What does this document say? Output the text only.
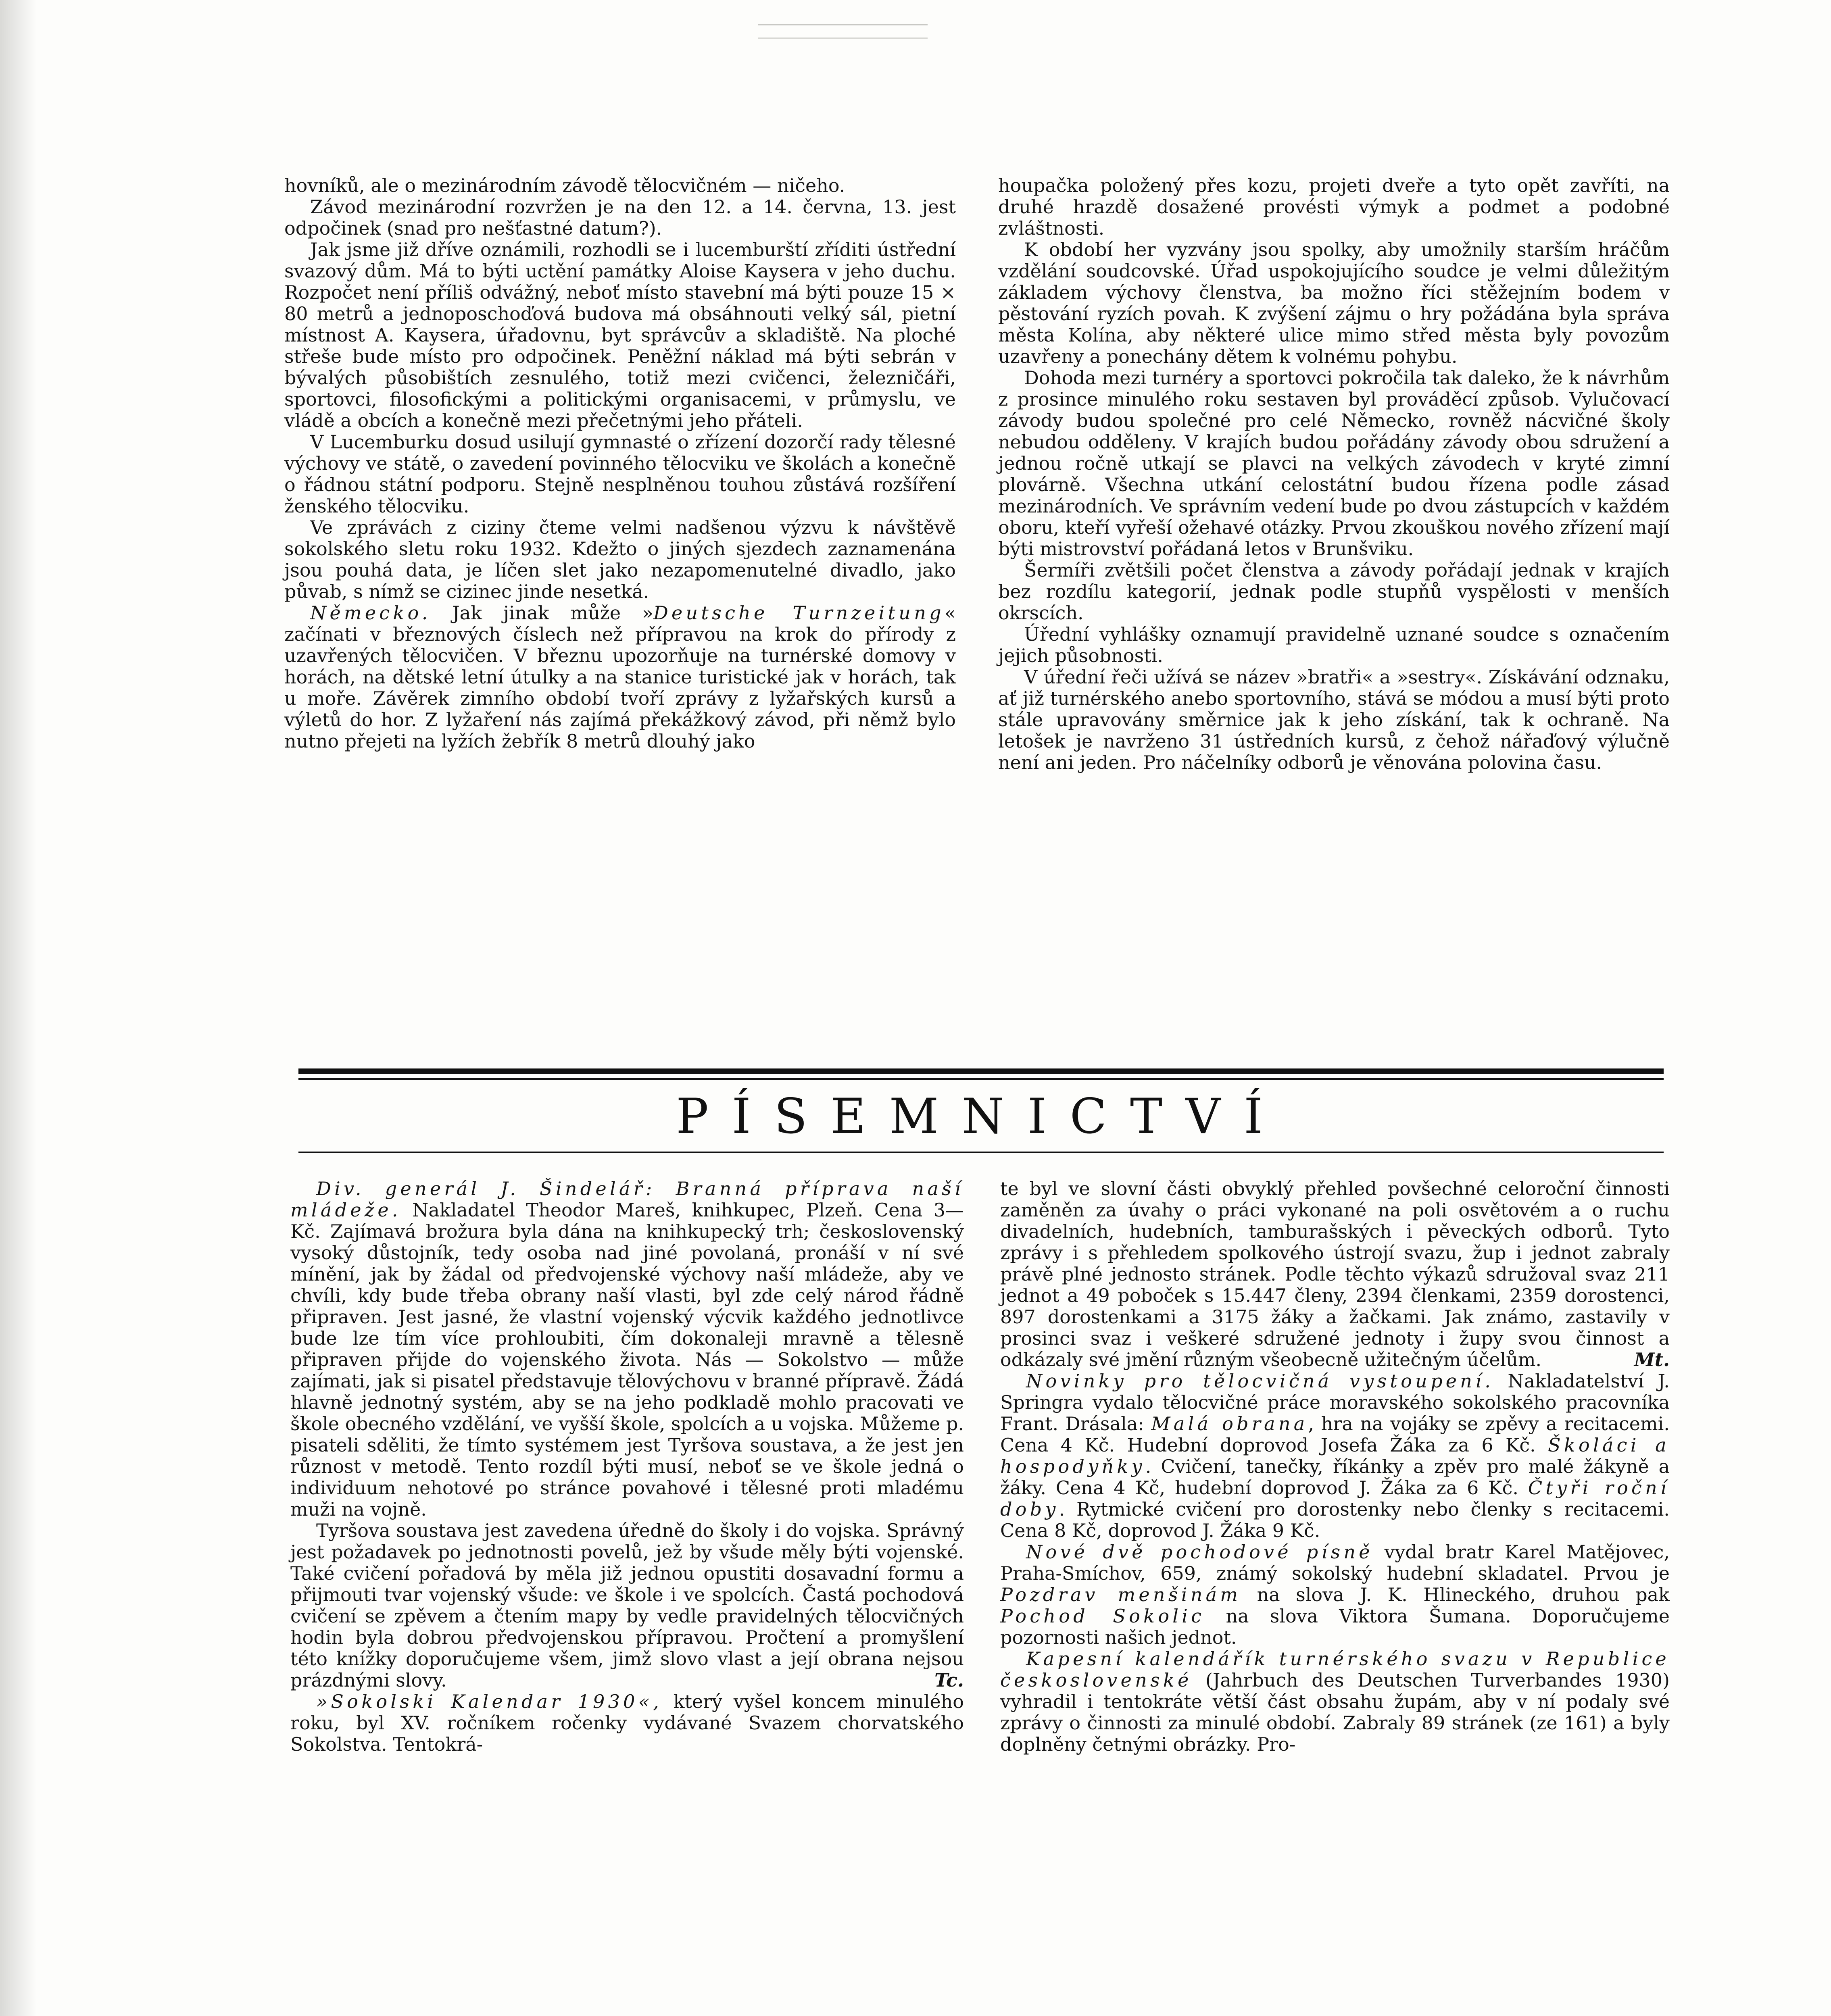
hovníků, ale o mezinárodním závodě tělocvičném — ničeho.

Závod mezinárodní rozvržen je na den 12. a 14. června, 13. jest odpočinek (snad pro nešťastné datum?).

Jak jsme již dříve oznámili, rozhodli se i lucemburští zříditi ústřední svazový dům. Má to býti uctění památky Aloise Kaysera v jeho duchu. Rozpočet není příliš odvážný, neboť místo stavební má býti pouze 15 × 80 metrů a jednoposchoďová budova má obsáhnouti velký sál, pietní místnost A. Kaysera, úřadovnu, byt správcův a skladiště. Na ploché střeše bude místo pro odpočinek. Peněžní náklad má býti sebrán v bývalých působištích zesnulého, totiž mezi cvičenci, železničáři, sportovci, filosofickými a politickými organisacemi, v průmyslu, ve vládě a obcích a konečně mezi přečetnými jeho přáteli.

V Lucemburku dosud usilují gymnasté o zřízení dozorčí rady tělesné výchovy ve státě, o zavedení povinného tělocviku ve školách a konečně o řádnou státní podporu. Stejně nesplněnou touhou zůstává rozšíření ženského tělocviku.

Ve zprávách z ciziny čteme velmi nadšenou výzvu k návštěvě sokolského sletu roku 1932. Kdežto o jiných sjezdech zaznamenána jsou pouhá data, je líčen slet jako nezapomenutelné divadlo, jako půvab, s nímž se cizinec jinde nesetká.

Německo. Jak jinak může »Deutsche Turnzeitung« začínati v březnových číslech než přípravou na krok do přírody z uzavřených tělocvičen. V březnu upozorňuje na turnérské domovy v horách, na dětské letní útulky a na stanice turistické jak v horách, tak u moře. Závěrek zimního období tvoří zprávy z lyžařských kursů a výletů do hor. Z lyžaření nás zajímá překážkový závod, při němž bylo nutno přejeti na lyžích žebřík 8 metrů dlouhý jako

houpačka položený přes kozu, projeti dveře a tyto opět zavříti, na druhé hrazdě dosažené provésti výmyk a podmet a podobné zvláštnosti.

K období her vyzvány jsou spolky, aby umožnily starším hráčům vzdělání soudcovské. Úřad uspokojujícího soudce je velmi důležitým základem výchovy členstva, ba možno říci stěžejním bodem v pěstování ryzích povah. K zvýšení zájmu o hry požádána byla správa města Kolína, aby některé ulice mimo střed města byly povozům uzavřeny a ponechány dětem k volnému pohybu.

Dohoda mezi turnéry a sportovci pokročila tak daleko, že k návrhům z prosince minulého roku sestaven byl prováděcí způsob. Vylučovací závody budou společné pro celé Německo, rovněž nácvičné školy nebudou odděleny. V krajích budou pořádány závody obou sdružení a jednou ročně utkají se plavci na velkých závodech v kryté zimní plovárně. Všechna utkání celostátní budou řízena podle zásad mezinárodních. Ve správním vedení bude po dvou zástupcích v každém oboru, kteří vyřeší ožehavé otázky. Prvou zkouškou nového zřízení mají býti mistrovství pořádaná letos v Brunšviku.

Šermíři zvětšili počet členstva a závody pořádají jednak v krajích bez rozdílu kategorií, jednak podle stupňů vyspělosti v menších okrscích.

Úřední vyhlášky oznamují pravidelně uznané soudce s označením jejich působnosti.

V úřední řeči užívá se název »bratři« a »sestry«. Získávání odznaku, ať již turnérského anebo sportovního, stává se módou a musí býti proto stále upravovány směrnice jak k jeho získání, tak k ochraně. Na letošek je navrženo 31 ústředních kursů, z čehož nářaďový výlučně není ani jeden. Pro náčelníky odborů je věnována polovina času.

PÍSEMNICTVÍ

Div. generál J. Šindelář: Branná příprava naší mládeže. Nakladatel Theodor Mareš, knihkupec, Plzeň. Cena 3— Kč. Zajímavá brožura byla dána na knihkupecký trh; československý vysoký důstojník, tedy osoba nad jiné povolaná, pronáší v ní své mínění, jak by žádal od předvojenské výchovy naší mládeže, aby ve chvíli, kdy bude třeba obrany naší vlasti, byl zde celý národ řádně připraven. Jest jasné, že vlastní vojenský výcvik každého jednotlivce bude lze tím více prohloubiti, čím dokonaleji mravně a tělesně připraven přijde do vojenského života. Nás — Sokolstvo — může zajímati, jak si pisatel představuje tělovýchovu v branné přípravě. Žádá hlavně jednotný systém, aby se na jeho podkladě mohlo pracovati ve škole obecného vzdělání, ve vyšší škole, spolcích a u vojska. Můžeme p. pisateli sděliti, že tímto systémem jest Tyršova soustava, a že jest jen různost v metodě. Tento rozdíl býti musí, neboť se ve škole jedná o individuum nehotové po stránce povahové i tělesné proti mladému muži na vojně.

Tyršova soustava jest zavedena úředně do školy i do vojska. Správný jest požadavek po jednotnosti povelů, jež by všude měly býti vojenské. Také cvičení pořadová by měla již jednou opustiti dosavadní formu a přijmouti tvar vojenský všude: ve škole i ve spolcích. Častá pochodová cvičení se zpěvem a čtením mapy by vedle pravidelných tělocvičných hodin byla dobrou předvojenskou přípravou. Pročtení a promyšlení této knížky doporučujeme všem, jimž slovo vlast a její obrana nejsou prázdnými slovy.	Tc.

»Sokolski Kalendar 1930«, který vyšel koncem minulého roku, byl XV. ročníkem ročenky vydávané Svazem chorvatského Sokolstva. Tentokrá-

te byl ve slovní části obvyklý přehled povšechné celoroční činnosti zaměněn za úvahy o práci vykonané na poli osvětovém a o ruchu divadelních, hudebních, tamburašských i pěveckých odborů. Tyto zprávy i s přehledem spolkového ústrojí svazu, žup i jednot zabraly právě plné jednosto stránek. Podle těchto výkazů sdružoval svaz 211 jednot a 49 poboček s 15.447 členy, 2394 členkami, 2359 dorostenci, 897 dorostenkami a 3175 žáky a žačkami. Jak známo, zastavily v prosinci svaz i veškeré sdružené jednoty i župy svou činnost a odkázaly své jmění různým všeobecně užitečným účelům.	Mt.

Novinky pro tělocvičná vystoupení. Nakladatelství J. Springra vydalo tělocvičné práce moravského sokolského pracovníka Frant. Drásala: Malá obrana, hra na vojáky se zpěvy a recitacemi. Cena 4 Kč. Hudební doprovod Josefa Žáka za 6 Kč. Školáci a hospodyňky. Cvičení, tanečky, říkánky a zpěv pro malé žákyně a žáky. Cena 4 Kč, hudební doprovod J. Žáka za 6 Kč. Čtyři roční doby. Rytmické cvičení pro dorostenky nebo členky s recitacemi. Cena 8 Kč, doprovod J. Žáka 9 Kč.

Nové dvě pochodové písně vydal bratr Karel Matějovec, Praha-Smíchov, 659, známý sokolský hudební skladatel. Prvou je Pozdrav menšinám na slova J. K. Hlineckého, druhou pak Pochod Sokolic na slova Viktora Šumana. Doporučujeme pozornosti našich jednot.

Kapesní kalendářík turnérského svazu v Republice československé (Jahrbuch des Deutschen Turverbandes 1930) vyhradil i tentokráte větší část obsahu župám, aby v ní podaly své zprávy o činnosti za minulé období. Zabraly 89 stránek (ze 161) a byly doplněny četnými obrázky. Pro-
